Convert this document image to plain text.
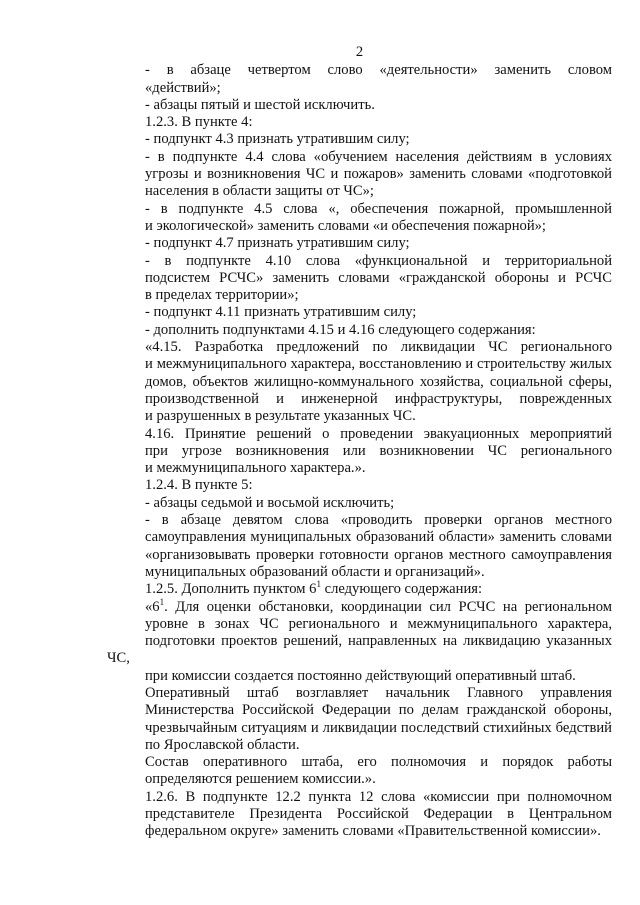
2
- в абзаце четвертом слово «деятельности» заменить словом
«действий»;
- абзацы пятый и шестой исключить.
1.2.3. В пункте 4:
- подпункт 4.3 признать утратившим силу;
- в подпункте 4.4 слова «обучением населения действиям в условиях
угрозы и возникновения ЧС и пожаров» заменить словами «подготовкой
населения в области защиты от ЧС»;
- в подпункте 4.5 слова «, обеспечения пожарной, промышленной
и экологической» заменить словами «и обеспечения пожарной»;
- подпункт 4.7 признать утратившим силу;
- в подпункте 4.10 слова «функциональной и территориальной
подсистем РСЧС» заменить словами «гражданской обороны и РСЧС
в пределах территории»;
- подпункт 4.11 признать утратившим силу;
- дополнить подпунктами 4.15 и 4.16 следующего содержания:
«4.15. Разработка предложений по ликвидации ЧС регионального
и межмуниципального характера, восстановлению и строительству жилых
домов, объектов жилищно-коммунального хозяйства, социальной сферы,
производственной и инженерной инфраструктуры, поврежденных
и разрушенных в результате указанных ЧС.
4.16. Принятие решений о проведении эвакуационных мероприятий
при угрозе возникновения или возникновении ЧС регионального
и межмуниципального характера.».
1.2.4. В пункте 5:
- абзацы седьмой и восьмой исключить;
- в абзаце девятом слова «проводить проверки органов местного
самоуправления муниципальных образований области» заменить словами
«организовывать проверки готовности органов местного самоуправления
муниципальных образований области и организаций».
1.2.5. Дополнить пунктом $6^1$ следующего содержания:
«$6^1$. Для оценки обстановки, координации сил РСЧС на региональном
уровне в зонах ЧС регионального и межмуниципального характера,
подготовки проектов решений, направленных на ликвидацию указанных ЧС,
при комиссии создается постоянно действующий оперативный штаб.
Оперативный штаб возглавляет начальник Главного управления
Министерства Российской Федерации по делам гражданской обороны,
чрезвычайным ситуациям и ликвидации последствий стихийных бедствий
по Ярославской области.
Состав оперативного штаба, его полномочия и порядок работы
определяются решением комиссии.».
1.2.6. В подпункте 12.2 пункта 12 слова «комиссии при полномочном
представителе Президента Российской Федерации в Центральном
федеральном округе» заменить словами «Правительственной комиссии».
